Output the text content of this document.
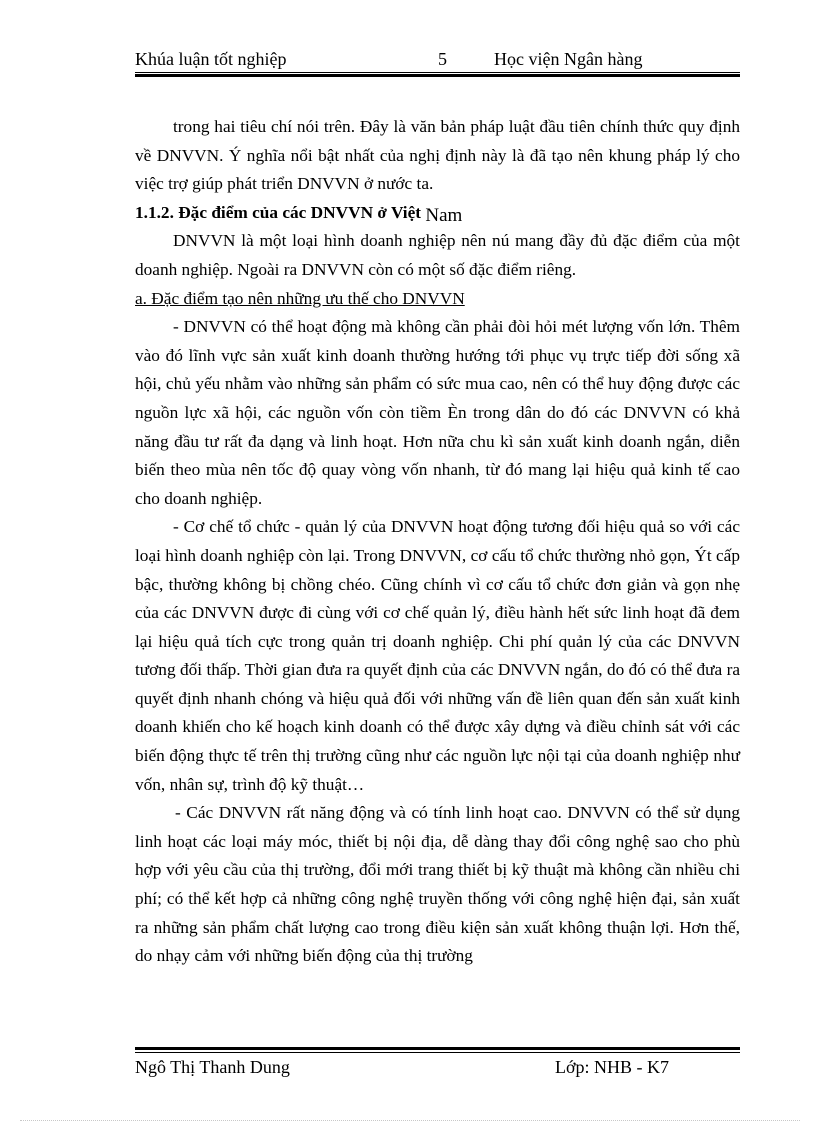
Khúa luận tốt nghiệp	5	Học viện Ngân hàng

trong hai tiêu chí nói trên. Đây là văn bản pháp luật đầu tiên chính thức quy định về DNVVN. Ý nghĩa nổi bật nhất của nghị định này là đã tạo nên khung pháp lý cho việc trợ giúp phát triển DNVVN ở nước ta.

1.1.2. Đặc điểm của các DNVVN ở Việt Nam

DNVVN là một loại hình doanh nghiệp nên nú mang đầy đủ đặc điểm của một doanh nghiệp. Ngoài ra DNVVN còn có một số đặc điểm riêng.

a. Đặc điểm tạo nên những ưu thế cho DNVVN

- DNVVN có thể hoạt động mà không cần phải đòi hỏi mét lượng vốn lớn. Thêm vào đó lĩnh vực sản xuất kinh doanh thường hướng tới phục vụ trực tiếp đời sống xã hội, chủ yếu nhằm vào những sản phẩm có sức mua cao, nên có thể huy động được các nguồn lực xã hội, các nguồn vốn còn tiềm Èn trong dân do đó các DNVVN có khả năng đầu tư rất đa dạng và linh hoạt. Hơn nữa chu kì sản xuất kinh doanh ngắn, diễn biến theo mùa nên tốc độ quay vòng vốn nhanh, từ đó mang lại hiệu quả kinh tế cao cho doanh nghiệp.

- Cơ chế tổ chức - quản lý của DNVVN hoạt động tương đối hiệu quả so với các loại hình doanh nghiệp còn lại. Trong DNVVN, cơ cấu tổ chức thường nhỏ gọn, Ýt cấp bậc, thường không bị chồng chéo. Cũng chính vì cơ cấu tổ chức đơn giản và gọn nhẹ của các DNVVN được đi cùng với cơ chế quản lý, điều hành hết sức linh hoạt đã đem lại hiệu quả tích cực trong quản trị doanh nghiệp. Chi phí quản lý của các DNVVN tương đối thấp. Thời gian đưa ra quyết định của các DNVVN ngắn, do đó có thể đưa ra quyết định nhanh chóng và hiệu quả đối với những vấn đề liên quan đến sản xuất kinh doanh khiến cho kế hoạch kinh doanh có thể được xây dựng và điều chỉnh sát với các biến động thực tế trên thị trường cũng như các nguồn lực nội tại của doanh nghiệp như vốn, nhân sự, trình độ kỹ thuật…

- Các DNVVN rất năng động và có tính linh hoạt cao. DNVVN có thể sử dụng linh hoạt các loại máy móc, thiết bị nội địa, dễ dàng thay đổi công nghệ sao cho phù hợp với yêu cầu của thị trường, đổi mới trang thiết bị kỹ thuật mà không cần nhiều chi phí; có thể kết hợp cả những công nghệ truyền thống với công nghệ hiện đại, sản xuất ra những sản phẩm chất lượng cao trong điều kiện sản xuất không thuận lợi. Hơn thế, do nhạy cảm với những biến động của thị trường

Ngô Thị Thanh Dung	Lớp: NHB - K7
